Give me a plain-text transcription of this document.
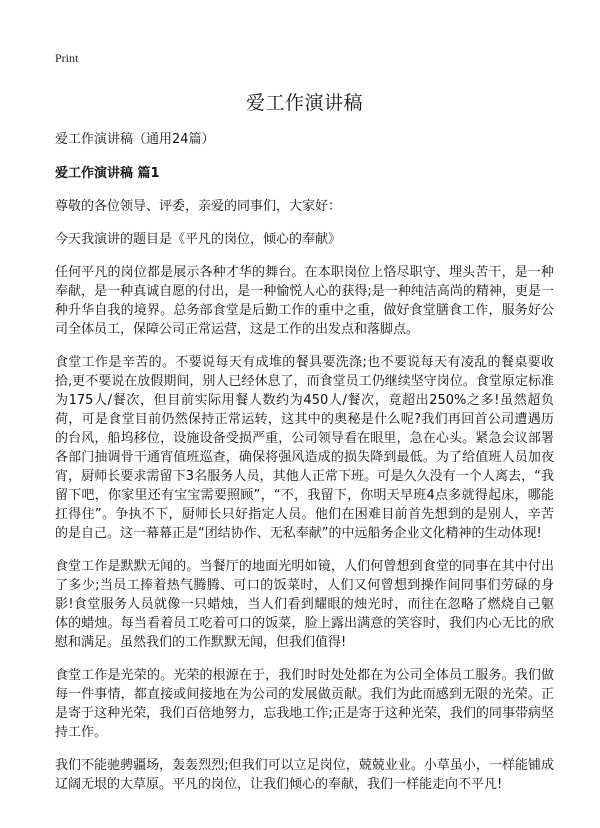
Print
爱工作演讲稿
爱工作演讲稿（通用24篇）
爱工作演讲稿 篇1

尊敬的各位领导、评委，亲爱的同事们，大家好：

今天我演讲的题目是《平凡的岗位，倾心的奉献》

任何平凡的岗位都是展示各种才华的舞台。在本职岗位上恪尽职守、埋头苦干，是一种奉献，是一种真诚自愿的付出，是一种愉悦人心的获得;是一种纯洁高尚的精神，更是一种升华自我的境界。总务部食堂是后勤工作的重中之重，做好食堂膳食工作，服务好公司全体员工，保障公司正常运营，这是工作的出发点和落脚点。

食堂工作是辛苦的。不要说每天有成堆的餐具要洗涤;也不要说每天有凌乱的餐桌要收拾,更不要说在放假期间，别人已经休息了，而食堂员工仍继续坚守岗位。食堂原定标准为175人/餐次，但目前实际用餐人数约为450人/餐次，竟超出250%之多!虽然超负荷，可是食堂目前仍然保持正常运转，这其中的奥秘是什么呢?我们再回首公司遭遇历的台风，船坞移位，设施设备受损严重，公司领导看在眼里，急在心头。紧急会议部署各部门抽调骨干通宵值班巡查，确保将强风造成的损失降到最低。为了给值班人员加夜宵，厨师长要求需留下3名服务人员，其他人正常下班。可是久久没有一个人离去，“我留下吧，你家里还有宝宝需要照顾”，“不，我留下，你明天早班4点多就得起床，哪能扛得住”。争执不下，厨师长只好指定人员。他们在困难目前首先想到的是别人，辛苦的是自己。这一幕幕正是“团结协作、无私奉献”的中远船务企业文化精神的生动体现!

食堂工作是默默无闻的。当餐厅的地面光明如镜，人们何曾想到食堂的同事在其中付出了多少;当员工捧着热气腾腾、可口的饭菜时，人们又何曾想到操作间同事们劳碌的身影!食堂服务人员就像一只蜡烛，当人们看到耀眼的烛光时，而往在忽略了燃烧自己躯体的蜡烛。每当看着员工吃着可口的饭菜，脸上露出满意的笑容时，我们内心无比的欣慰和满足。虽然我们的工作默默无闻，但我们值得!

食堂工作是光荣的。光荣的根源在于，我们时时处处都在为公司全体员工服务。我们做每一件事情，都直接或间接地在为公司的发展做贡献。我们为此而感到无限的光荣。正是寄于这种光荣，我们百倍地努力，忘我地工作;正是寄于这种光荣，我们的同事带病坚持工作。

我们不能驰骋疆场，轰轰烈烈;但我们可以立足岗位，兢兢业业。小草虽小，一样能铺成辽阔无垠的大草原。平凡的岗位，让我们倾心的奉献，我们一样能走向不平凡!
